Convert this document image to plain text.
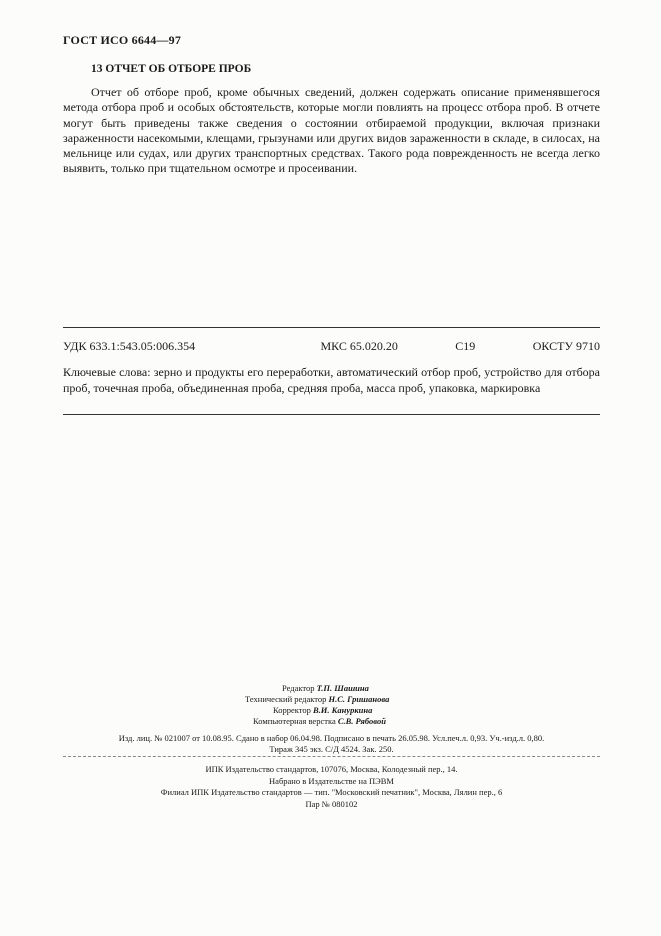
ГОСТ ИСО 6644—97
13 ОТЧЕТ ОБ ОТБОРЕ ПРОБ

Отчет об отборе проб, кроме обычных сведений, должен содержать описание применявшегося метода отбора проб и особых обстоятельств, которые могли повлиять на процесс отбора проб. В отчете могут быть приведены также сведения о состоянии отбираемой продукции, включая признаки зараженности насекомыми, клещами, грызунами или других видов зараженности в складе, в силосах, на мельнице или судах, или других транспортных средствах. Такого рода поврежденность не всегда легко выявить, только при тщательном осмотре и просеивании.

УДК 633.1:543.05:006.354	МКС 65.020.20	С19	ОКСТУ 9710
Ключевые слова: зерно и продукты его переработки, автоматический отбор проб, устройство для отбора проб, точечная проба, объединенная проба, средняя проба, масса проб, упаковка, маркировка
Редактор Т.П. Шашина
Технический редактор Н.С. Гришанова
Корректор В.И. Кануркина
Компьютерная верстка С.В. Рябовой
Изд. лиц. № 021007 от 10.08.95. Сдано в набор 06.04.98. Подписано в печать 26.05.98. Усл.печ.л. 0,93. Уч.-изд.л. 0,80.
Тираж 345 экз. С/Д 4524. Зак. 250.
ИПК Издательство стандартов, 107076, Москва, Колодезный пер., 14.
Набрано в Издательстве на ПЭВМ
Филиал ИПК Издательство стандартов — тип. "Московский печатник", Москва, Лялин пер., 6
Пар № 080102
